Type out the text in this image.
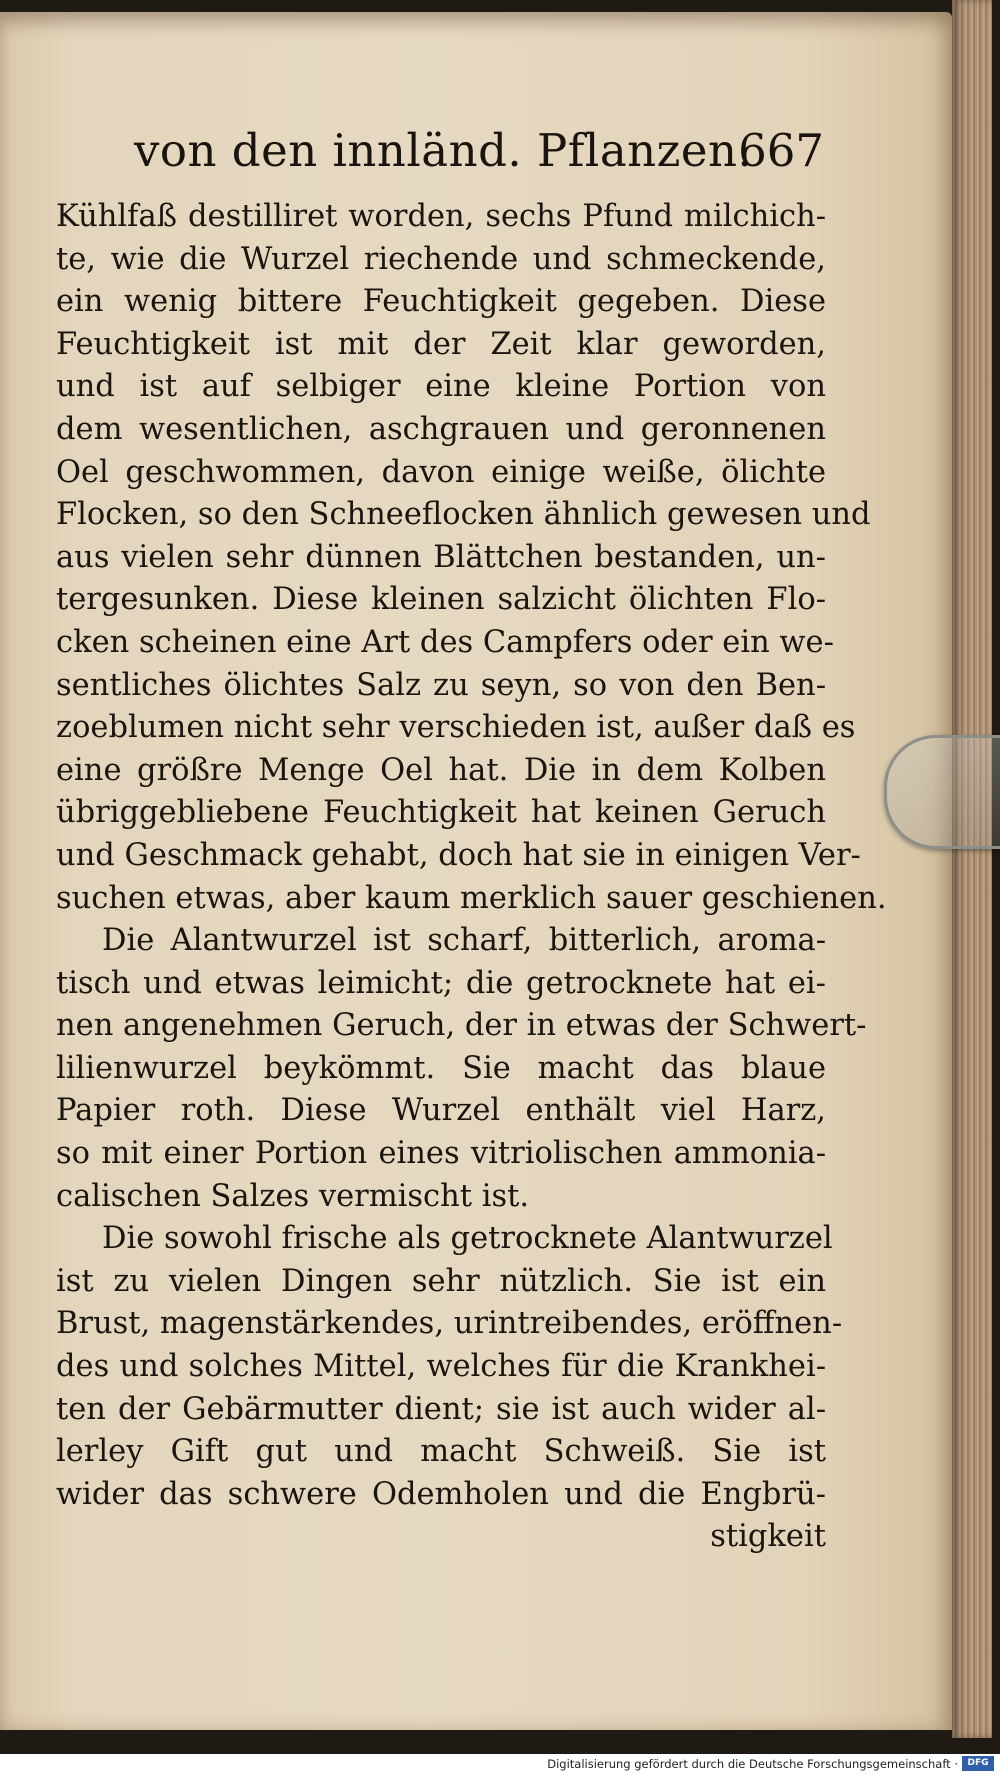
von den innländ. Pflanzen.
667
Kühlfaß destilliret worden, sechs Pfund milchich-
te, wie die Wurzel riechende und schmeckende,
ein wenig bittere Feuchtigkeit gegeben. Diese
Feuchtigkeit ist mit der Zeit klar geworden,
und ist auf selbiger eine kleine Portion von
dem wesentlichen, aschgrauen und geronnenen
Oel geschwommen, davon einige weiße, ölichte
Flocken, so den Schneeflocken ähnlich gewesen und
aus vielen sehr dünnen Blättchen bestanden, un-
tergesunken. Diese kleinen salzicht ölichten Flo-
cken scheinen eine Art des Campfers oder ein we-
sentliches ölichtes Salz zu seyn, so von den Ben-
zoeblumen nicht sehr verschieden ist, außer daß es
eine größre Menge Oel hat. Die in dem Kolben
übriggebliebene Feuchtigkeit hat keinen Geruch
und Geschmack gehabt, doch hat sie in einigen Ver-
suchen etwas, aber kaum merklich sauer geschienen.
Die Alantwurzel ist scharf, bitterlich, aroma-
tisch und etwas leimicht; die getrocknete hat ei-
nen angenehmen Geruch, der in etwas der Schwert-
lilienwurzel beykömmt. Sie macht das blaue
Papier roth. Diese Wurzel enthält viel Harz,
so mit einer Portion eines vitriolischen ammonia-
calischen Salzes vermischt ist.
Die sowohl frische als getrocknete Alantwurzel
ist zu vielen Dingen sehr nützlich. Sie ist ein
Brust, magenstärkendes, urintreibendes, eröffnen-
des und solches Mittel, welches für die Krankhei-
ten der Gebärmutter dient; sie ist auch wider al-
lerley Gift gut und macht Schweiß. Sie ist
wider das schwere Odemholen und die Engbrü-
stigkeit
Digitalisierung gefördert durch die Deutsche Forschungsgemeinschaft ·	DFG
